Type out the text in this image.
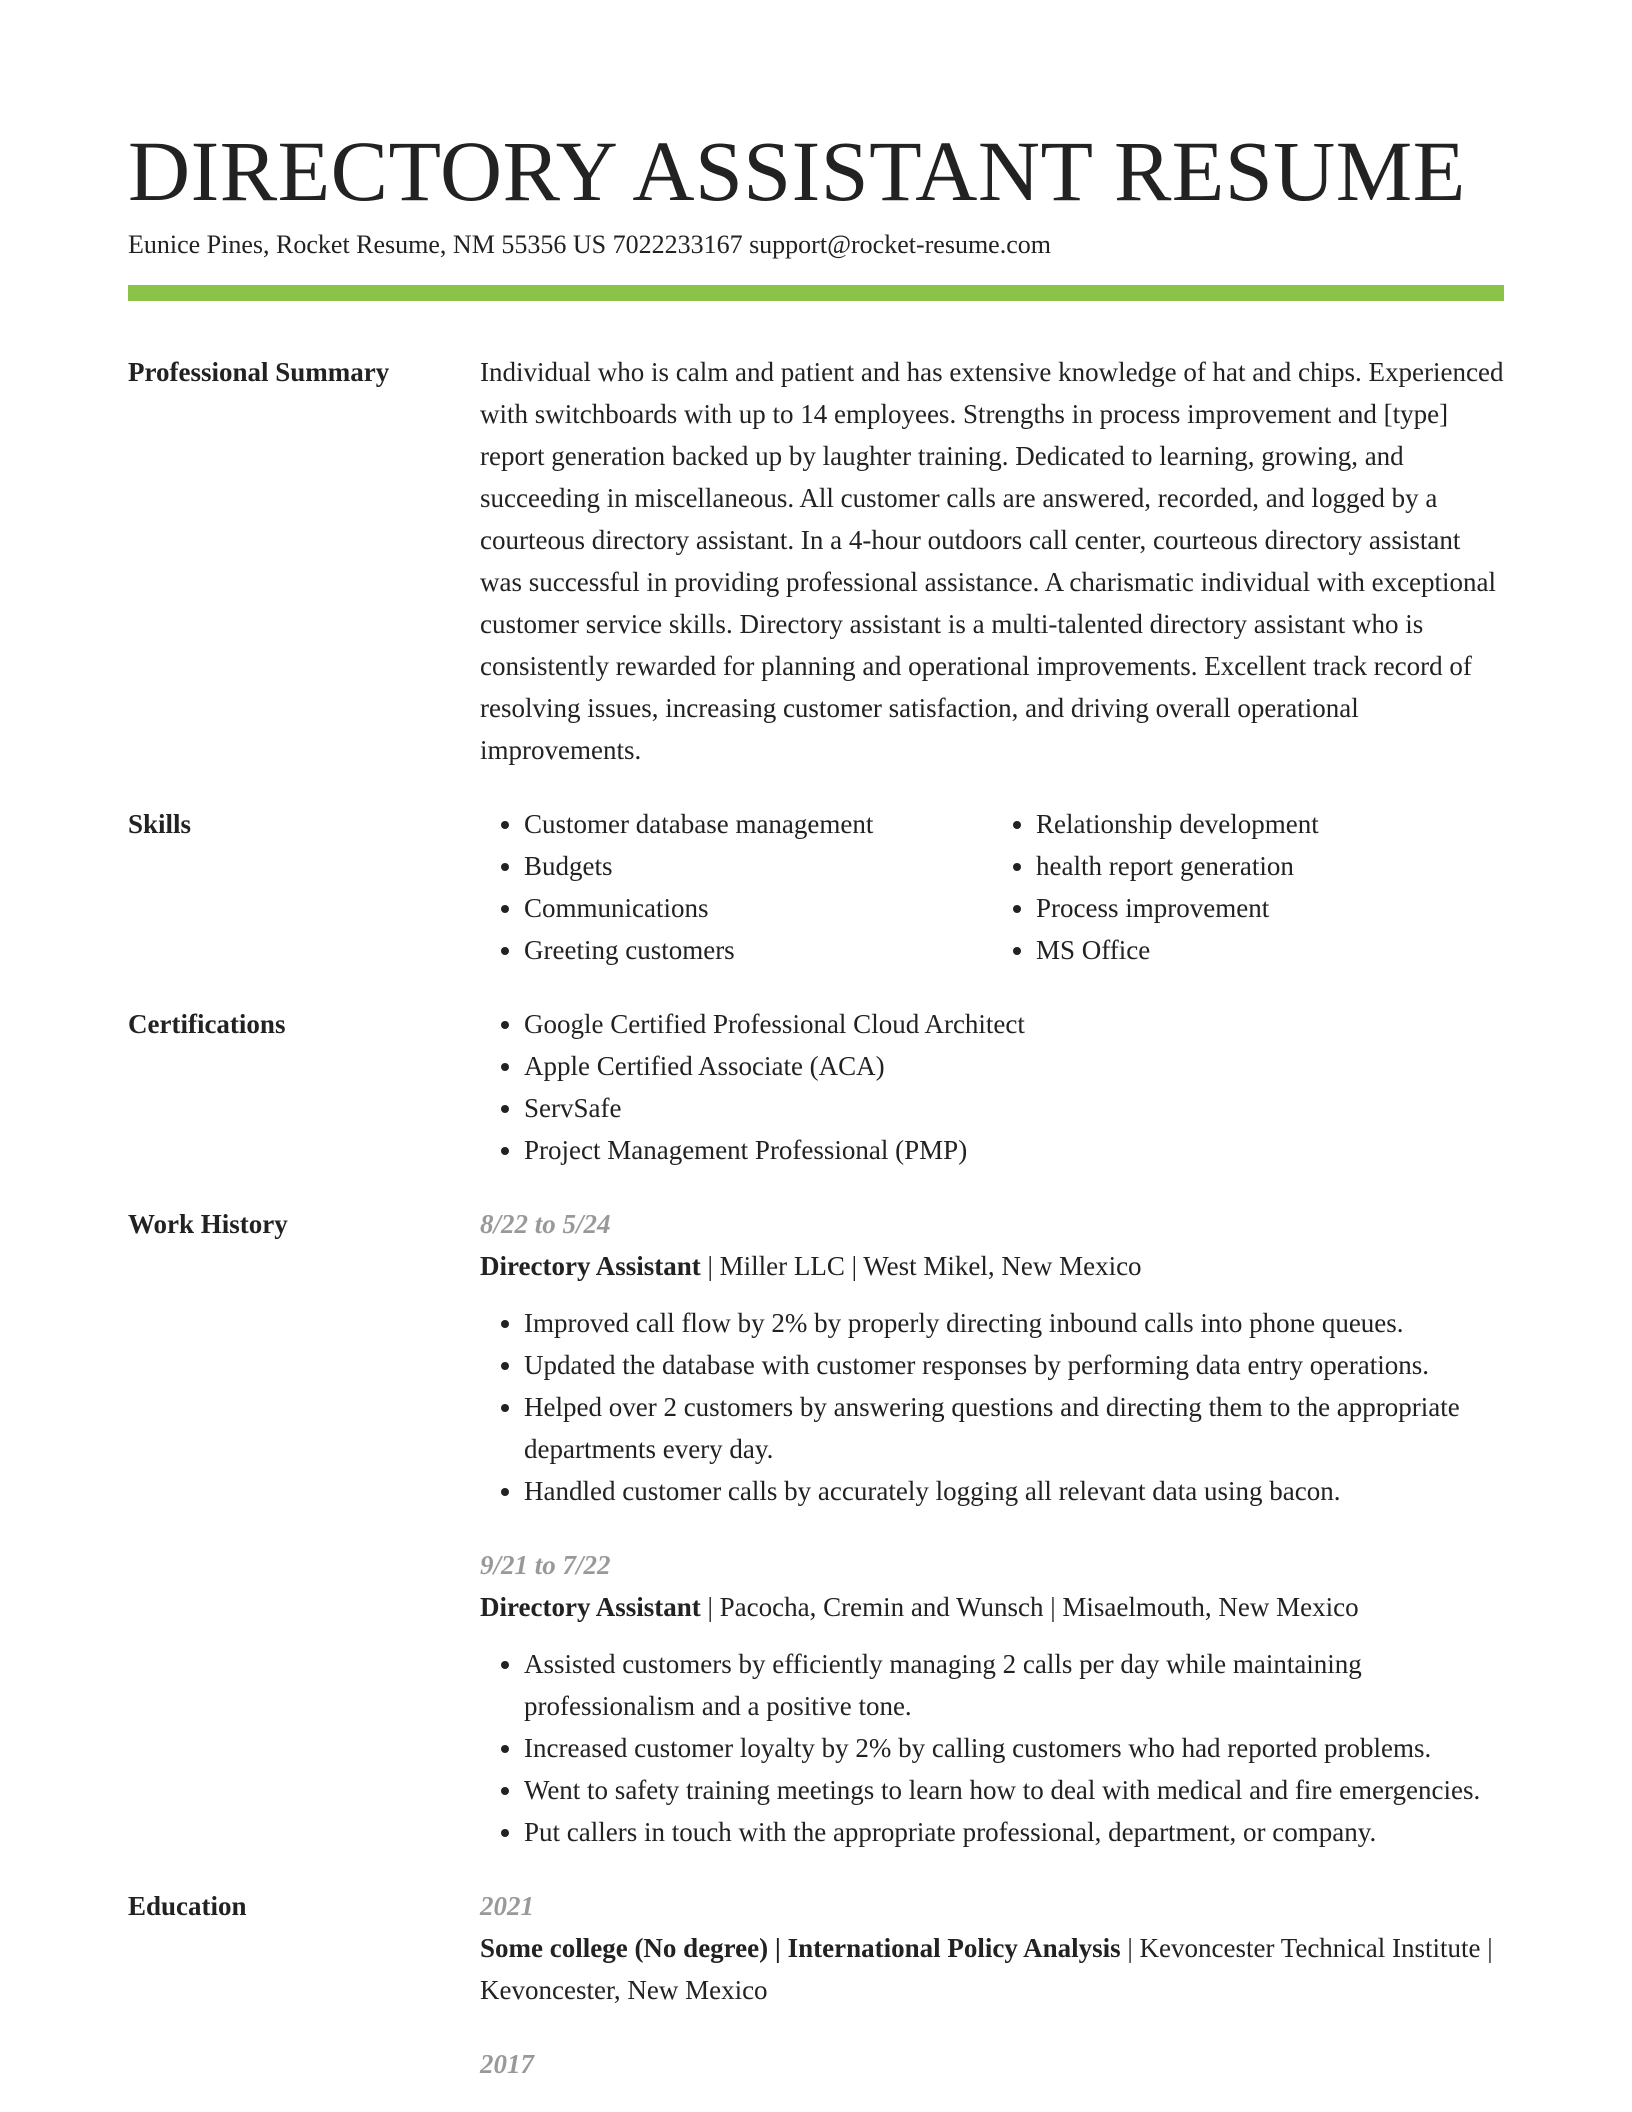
DIRECTORY ASSISTANT RESUME
Eunice Pines, Rocket Resume, NM 55356 US 7022233167 support@rocket-resume.com
Professional Summary	Individual who is calm and patient and has extensive knowledge of hat and chips. Experienced with switchboards with up to 14 employees. Strengths in process improvement and [type] report generation backed up by laughter training. Dedicated to learning, growing, and succeeding in miscellaneous. All customer calls are answered, recorded, and logged by a courteous directory assistant. In a 4-hour outdoors call center, courteous directory assistant was successful in providing professional assistance. A charismatic individual with exceptional customer service skills. Directory assistant is a multi-talented directory assistant who is consistently rewarded for planning and operational improvements. Excellent track record of resolving issues, increasing customer satisfaction, and driving overall operational improvements.

Skills	• Customer database management
• Budgets
• Communications
• Greeting customers
• Relationship development
• health report generation
• Process improvement
• MS Office
Certifications	• Google Certified Professional Cloud Architect
• Apple Certified Associate (ACA)
• ServSafe
• Project Management Professional (PMP)
Work History	8/22 to 5/24
Directory Assistant | Miller LLC | West Mikel, New Mexico
• Improved call flow by 2% by properly directing inbound calls into phone queues.
• Updated the database with customer responses by performing data entry operations.
• Helped over 2 customers by answering questions and directing them to the appropriate departments every day.
• Handled customer calls by accurately logging all relevant data using bacon.
9/21 to 7/22
Directory Assistant | Pacocha, Cremin and Wunsch | Misaelmouth, New Mexico
• Assisted customers by efficiently managing 2 calls per day while maintaining professionalism and a positive tone.
• Increased customer loyalty by 2% by calling customers who had reported problems.
• Went to safety training meetings to learn how to deal with medical and fire emergencies.
• Put callers in touch with the appropriate professional, department, or company.
Education	2021
Some college (No degree) | International Policy Analysis | Kevoncester Technical Institute | Kevoncester, New Mexico
2017
